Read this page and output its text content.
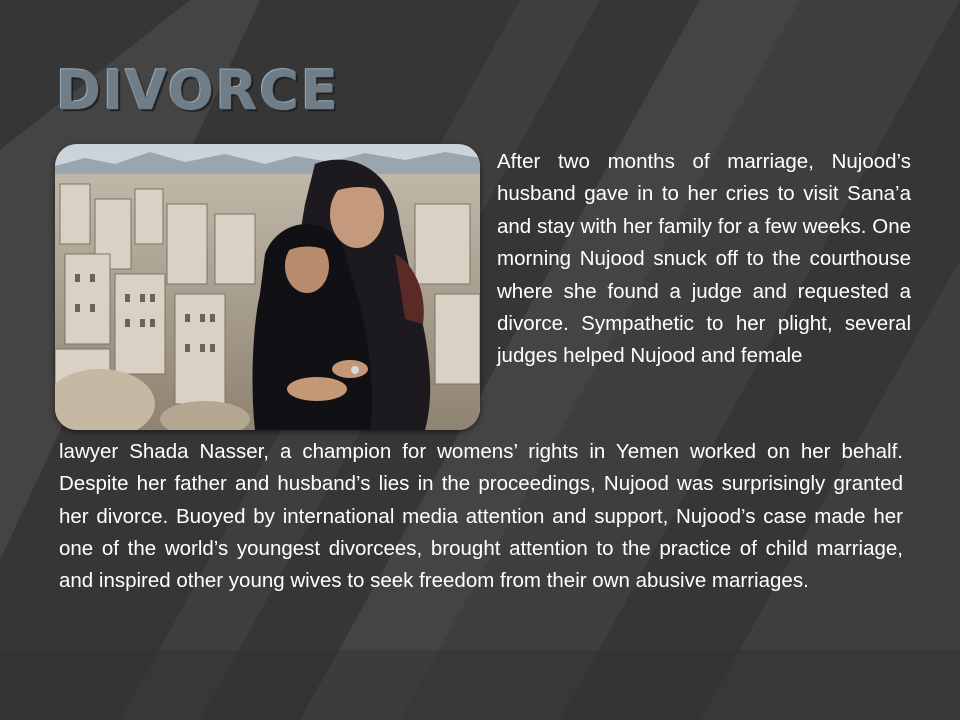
DIVORCE

After two months of marriage, Nujood’s husband gave in to her cries to visit Sana’a and stay with her family for a few weeks. One morning Nujood snuck off to the courthouse where she found a judge and requested a divorce. Sympathetic to her plight, several judges helped Nujood and female

lawyer Shada Nasser, a champion for womens’ rights in Yemen worked on her behalf. Despite her father and husband’s lies in the proceedings, Nujood was surprisingly granted her divorce. Buoyed by international media attention and support, Nujood’s case made her one of the world’s youngest divorcees, brought attention to the practice of child marriage, and inspired other young wives to seek freedom from their own abusive marriages.
